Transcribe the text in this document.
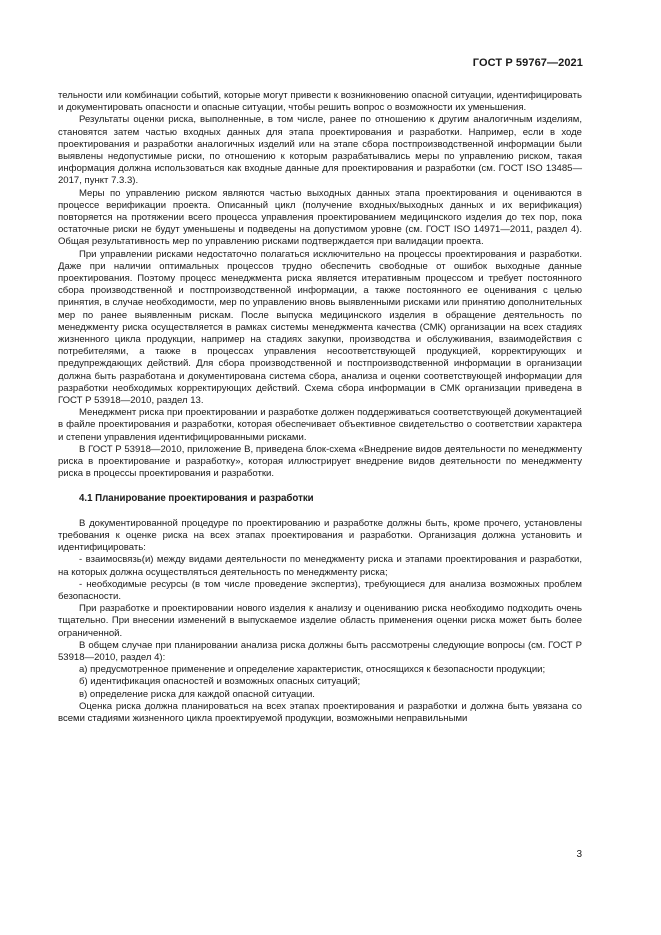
ГОСТ Р 59767—2021

тельности или комбинации событий, которые могут привести к возникновению опасной ситуации, идентифицировать и документировать опасности и опасные ситуации, чтобы решить вопрос о возможности их уменьшения.

Результаты оценки риска, выполненные, в том числе, ранее по отношению к другим аналогичным изделиям, становятся затем частью входных данных для этапа проектирования и разработки. Например, если в ходе проектирования и разработки аналогичных изделий или на этапе сбора постпроизводственной информации были выявлены недопустимые риски, по отношению к которым разрабатывались меры по управлению риском, такая информация должна использоваться как входные данные для проектирования и разработки (см. ГОСТ ISO 13485—2017, пункт 7.3.3).

Меры по управлению риском являются частью выходных данных этапа проектирования и оцениваются в процессе верификации проекта. Описанный цикл (получение входных/выходных данных и их верификация) повторяется на протяжении всего процесса управления проектированием медицинского изделия до тех пор, пока остаточные риски не будут уменьшены и подведены на допустимом уровне (см. ГОСТ ISO 14971—2011, раздел 4). Общая результативность мер по управлению рисками подтверждается при валидации проекта.

При управлении рисками недостаточно полагаться исключительно на процессы проектирования и разработки. Даже при наличии оптимальных процессов трудно обеспечить свободные от ошибок выходные данные проектирования. Поэтому процесс менеджмента риска является итеративным процессом и требует постоянного сбора производственной и постпроизводственной информации, а также постоянного ее оценивания с целью принятия, в случае необходимости, мер по управлению вновь выявленными рисками или принятию дополнительных мер по ранее выявленным рискам. После выпуска медицинского изделия в обращение деятельность по менеджменту риска осуществляется в рамках системы менеджмента качества (СМК) организации на всех стадиях жизненного цикла продукции, например на стадиях закупки, производства и обслуживания, взаимодействия с потребителями, а также в процессах управления несоответствующей продукцией, корректирующих и предупреждающих действий. Для сбора производственной и постпроизводственной информации в организации должна быть разработана и документирована система сбора, анализа и оценки соответствующей информации для разработки необходимых корректирующих действий. Схема сбора информации в СМК организации приведена в ГОСТ Р 53918—2010, раздел 13.

Менеджмент риска при проектировании и разработке должен поддерживаться соответствующей документацией в файле проектирования и разработки, которая обеспечивает объективное свидетельство о соответствии характера и степени управления идентифицированными рисками.

В ГОСТ Р 53918—2010, приложение В, приведена блок-схема «Внедрение видов деятельности по менеджменту риска в проектирование и разработку», которая иллюстрирует внедрение видов деятельности по менеджменту риска в процессы проектирования и разработки.

4.1 Планирование проектирования и разработки

В документированной процедуре по проектированию и разработке должны быть, кроме прочего, установлены требования к оценке риска на всех этапах проектирования и разработки. Организация должна установить и идентифицировать:

- взаимосвязь(и) между видами деятельности по менеджменту риска и этапами проектирования и разработки, на которых должна осуществляться деятельность по менеджменту риска;

- необходимые ресурсы (в том числе проведение экспертиз), требующиеся для анализа возможных проблем безопасности.

При разработке и проектировании нового изделия к анализу и оцениванию риска необходимо подходить очень тщательно. При внесении изменений в выпускаемое изделие область применения оценки риска может быть более ограниченной.

В общем случае при планировании анализа риска должны быть рассмотрены следующие вопросы (см. ГОСТ Р 53918—2010, раздел 4):

а) предусмотренное применение и определение характеристик, относящихся к безопасности продукции;

б) идентификация опасностей и возможных опасных ситуаций;

в) определение риска для каждой опасной ситуации.

Оценка риска должна планироваться на всех этапах проектирования и разработки и должна быть увязана со всеми стадиями жизненного цикла проектируемой продукции, возможными неправильными

3
